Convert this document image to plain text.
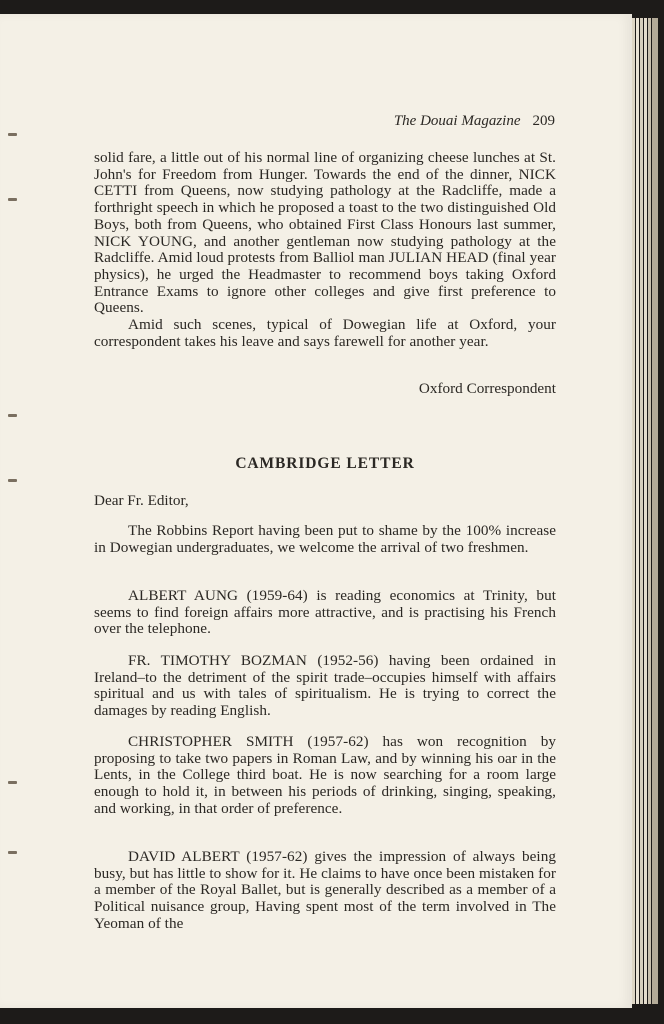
The Douai Magazine 209

solid fare, a little out of his normal line of organizing cheese lunches at St. John's for Freedom from Hunger. Towards the end of the dinner, NICK CETTI from Queens, now studying pathology at the Radcliffe, made a forthright speech in which he proposed a toast to the two distinguished Old Boys, both from Queens, who obtained First Class Honours last summer, NICK YOUNG, and another gentleman now studying pathology at the Radcliffe. Amid loud protests from Balliol man JULIAN HEAD (final year physics), he urged the Headmaster to recommend boys taking Oxford Entrance Exams to ignore other colleges and give first preference to Queens.

Amid such scenes, typical of Dowegian life at Oxford, your correspondent takes his leave and says farewell for another year.

Oxford Correspondent
CAMBRIDGE LETTER
Dear Fr. Editor,
The Robbins Report having been put to shame by the 100% increase in Dowegian undergraduates, we welcome the arrival of two freshmen.
ALBERT AUNG (1959-64) is reading economics at Trinity, but seems to find foreign affairs more attractive, and is practising his French over the telephone.
FR. TIMOTHY BOZMAN (1952-56) having been ordained in Ireland–to the detriment of the spirit trade–occupies himself with affairs spiritual and us with tales of spiritualism. He is trying to correct the damages by reading English.
CHRISTOPHER SMITH (1957-62) has won recognition by proposing to take two papers in Roman Law, and by winning his oar in the Lents, in the College third boat. He is now searching for a room large enough to hold it, in between his periods of drinking, singing, speaking, and working, in that order of preference.
DAVID ALBERT (1957-62) gives the impression of always being busy, but has little to show for it. He claims to have once been mistaken for a member of the Royal Ballet, but is generally described as a member of a Political nuisance group, Having spent most of the term involved in The Yeoman of the
